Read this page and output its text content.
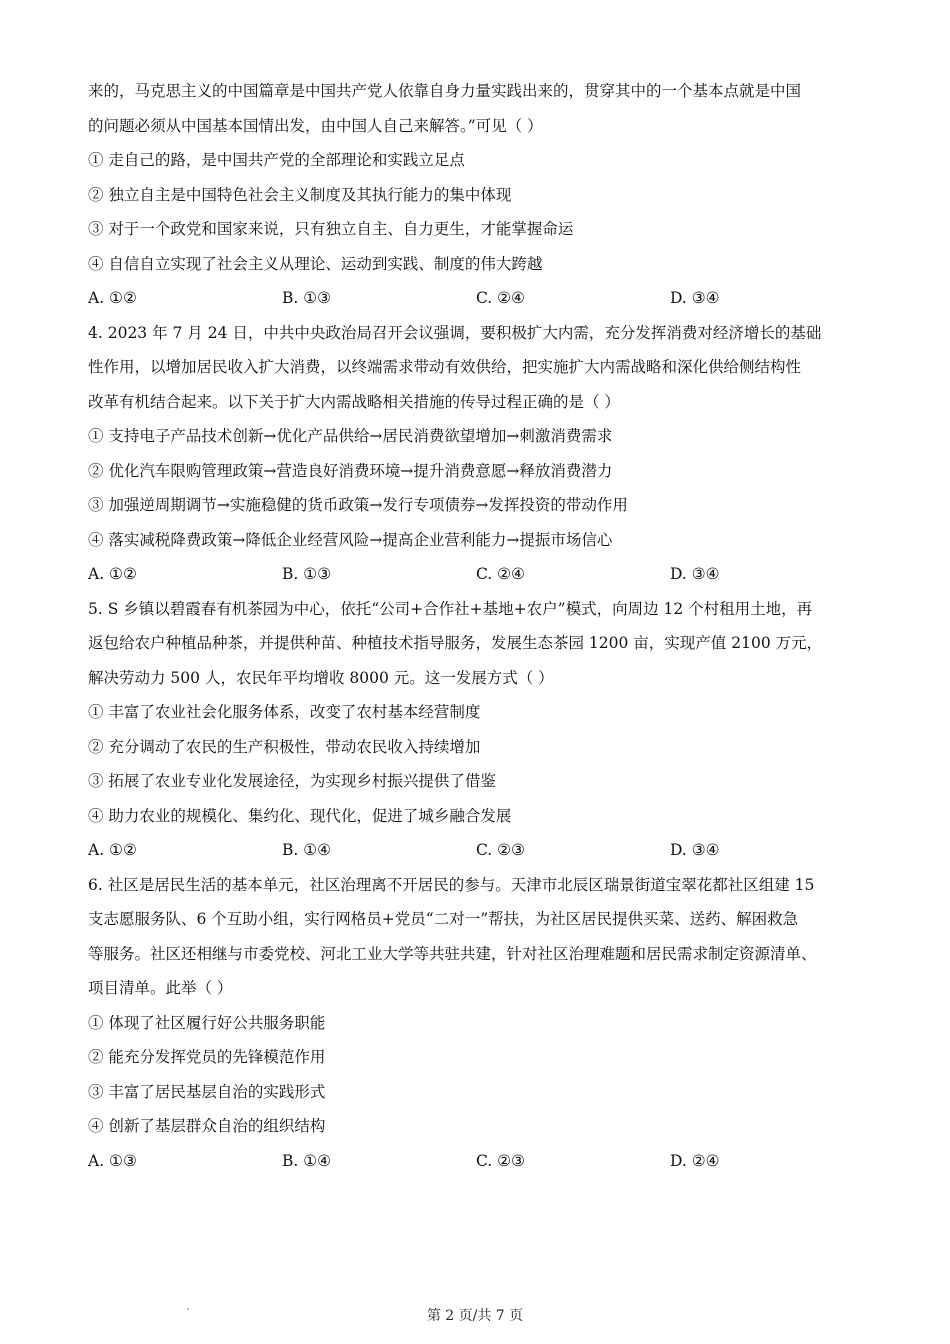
来的，马克思主义的中国篇章是中国共产党人依靠自身力量实践出来的，贯穿其中的一个基本点就是中国
的问题必须从中国基本国情出发，由中国人自己来解答。”可见（ ）
① 走自己的路，是中国共产党的全部理论和实践立足点
② 独立自主是中国特色社会主义制度及其执行能力的集中体现
③ 对于一个政党和国家来说，只有独立自主、自力更生，才能掌握命运
④ 自信自立实现了社会主义从理论、运动到实践、制度的伟大跨越
A. ①②	B. ①③	C. ②④	D. ③④
4. 2023 年 7 月 24 日，中共中央政治局召开会议强调，要积极扩大内需，充分发挥消费对经济增长的基础
性作用，以增加居民收入扩大消费，以终端需求带动有效供给，把实施扩大内需战略和深化供给侧结构性
改革有机结合起来。以下关于扩大内需战略相关措施的传导过程正确的是（ ）
① 支持电子产品技术创新→优化产品供给→居民消费欲望增加→刺激消费需求
② 优化汽车限购管理政策→营造良好消费环境→提升消费意愿→释放消费潜力
③ 加强逆周期调节→实施稳健的货币政策→发行专项债券→发挥投资的带动作用
④ 落实减税降费政策→降低企业经营风险→提高企业营利能力→提振市场信心
A. ①②	B. ①③	C. ②④	D. ③④
5. S 乡镇以碧霞春有机茶园为中心，依托“公司+合作社+基地+农户”模式，向周边 12 个村租用土地，再
返包给农户种植品种茶，并提供种苗、种植技术指导服务，发展生态茶园 1200 亩，实现产值 2100 万元，
解决劳动力 500 人，农民年平均增收 8000 元。这一发展方式（ ）
① 丰富了农业社会化服务体系，改变了农村基本经营制度
② 充分调动了农民的生产积极性，带动农民收入持续增加
③ 拓展了农业专业化发展途径，为实现乡村振兴提供了借鉴
④ 助力农业的规模化、集约化、现代化，促进了城乡融合发展
A. ①②	B. ①④	C. ②③	D. ③④
6. 社区是居民生活的基本单元，社区治理离不开居民的参与。天津市北辰区瑞景街道宝翠花都社区组建 15
支志愿服务队、6 个互助小组，实行网格员+党员“二对一”帮扶，为社区居民提供买菜、送药、解困救急
等服务。社区还相继与市委党校、河北工业大学等共驻共建，针对社区治理难题和居民需求制定资源清单、
项目清单。此举（ ）
① 体现了社区履行好公共服务职能
② 能充分发挥党员的先锋模范作用
③ 丰富了居民基层自治的实践形式
④ 创新了基层群众自治的组织结构
A. ①③	B. ①④	C. ②③	D. ②④
第 2 页/共 7 页
